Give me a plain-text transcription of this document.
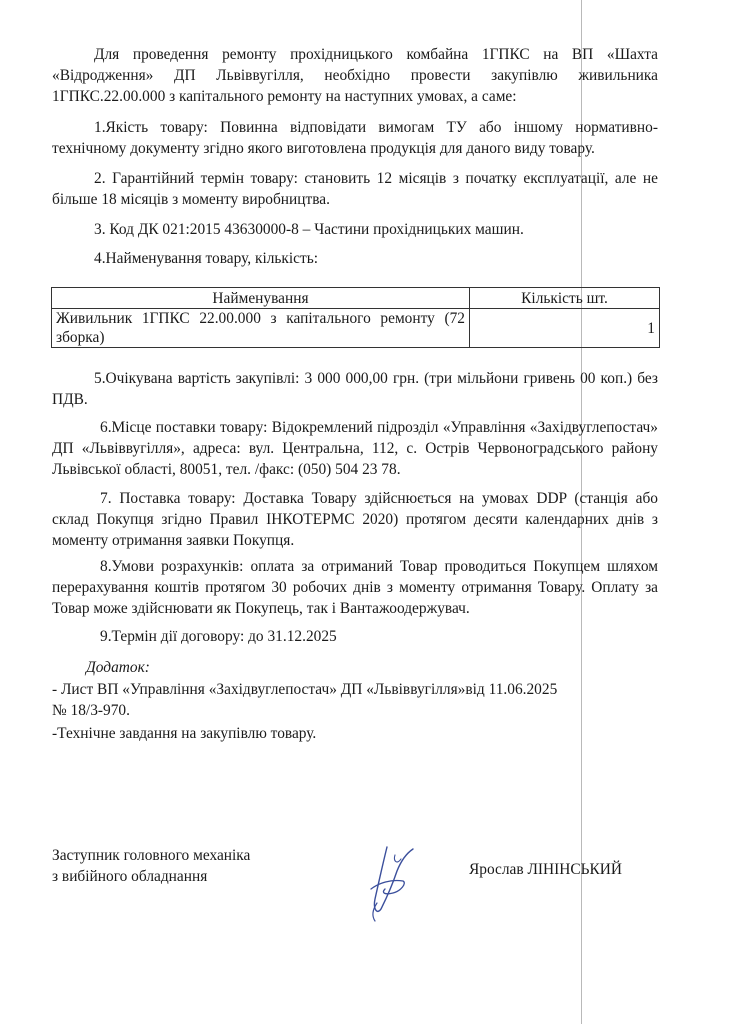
Для проведення ремонту прохідницького комбайна 1ГПКС на ВП «Шахта «Відродження» ДП Львіввугілля, необхідно провести закупівлю живильника 1ГПКС.22.00.000 з капітального ремонту на наступних умовах, а саме:

1.Якість товару: Повинна відповідати вимогам ТУ або іншому нормативно-технічному документу згідно якого виготовлена продукція для даного виду товару.

2. Гарантійний термін товару: становить 12 місяців з початку експлуатації, але не більше 18 місяців з моменту виробництва.

3. Код ДК 021:2015 43630000-8 – Частини прохідницьких машин.

4.Найменування товару, кількість:

Найменування	Кількість шт.
Живильник 1ГПКС 22.00.000 з капітального ремонту (72 зборка)	1

5.Очікувана вартість закупівлі: 3 000 000,00 грн. (три мільйони гривень 00 коп.) без ПДВ.

6.Місце поставки товару: Відокремлений підрозділ «Управління «Західвуглепостач» ДП «Львіввугілля», адреса: вул. Центральна, 112, с. Острів Червоноградського району Львівської області, 80051, тел. /факс: (050) 504 23 78.

7. Поставка товару: Доставка Товару здійснюється на умовах DDP (станція або склад Покупця згідно Правил ІНКОТЕРМС 2020) протягом десяти календарних днів з моменту отримання заявки Покупця.

8.Умови розрахунків: оплата за отриманий Товар проводиться Покупцем шляхом перерахування коштів протягом 30 робочих днів з моменту отримання Товару. Оплату за Товар може здійснювати як Покупець, так і Вантажоодержувач.

9.Термін дії договору: до 31.12.2025

Додаток:

- Лист ВП «Управління «Західвуглепостач» ДП «Львіввугілля»від 11.06.2025

№ 18/3-970.

-Технічне завдання на закупівлю товару.

Заступник головного механіка

з вибійного обладнання	Ярослав ЛІНІНСЬКИЙ
